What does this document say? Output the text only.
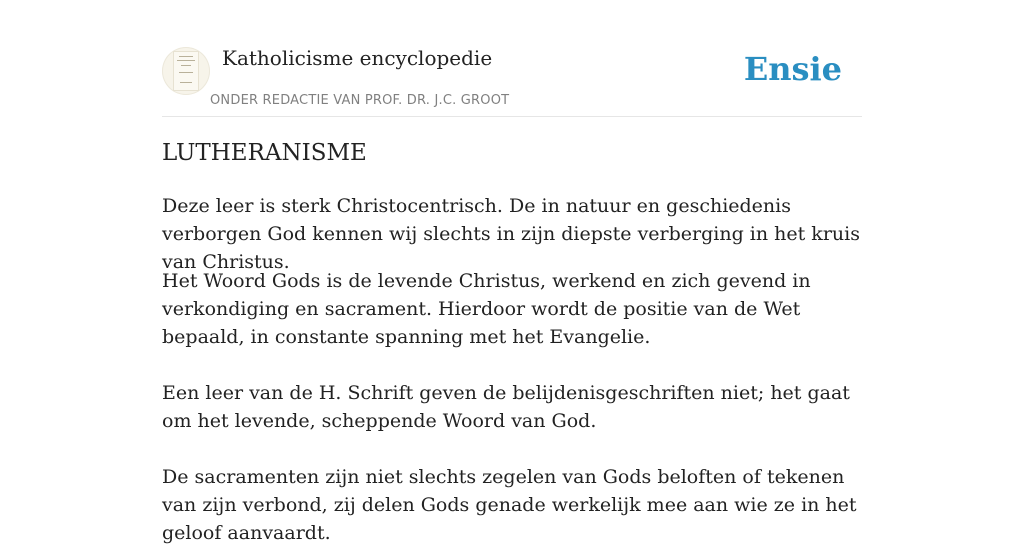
Katholicisme encyclopedie
ONDER REDACTIE VAN PROF. DR. J.C. GROOT
Ensie
LUTHERANISME

Deze leer is sterk Christocentrisch. De in natuur en geschiedenis verborgen God kennen wij slechts in zijn diepste verberging in het kruis van Christus.

Het Woord Gods is de levende Christus, werkend en zich gevend in verkondiging en sacrament. Hierdoor wordt de positie van de Wet bepaald, in constante spanning met het Evangelie.

Een leer van de H. Schrift geven de belijdenisgeschriften niet; het gaat om het levende, scheppende Woord van God.

De sacramenten zijn niet slechts zegelen van Gods beloften of tekenen van zijn verbond, zij delen Gods genade werkelijk mee aan wie ze in het geloof aanvaardt.
